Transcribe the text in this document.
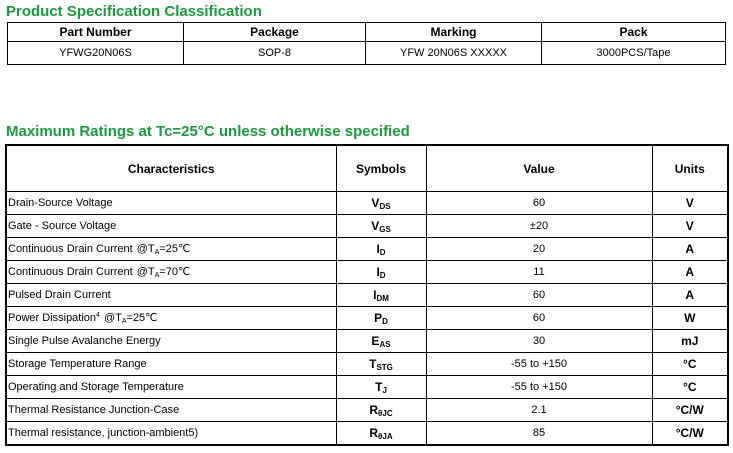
Product Specification Classification
Part Number	Package	Marking	Pack
YFWG20N06S	SOP-8	YFW 20N06S XXXXX	3000PCS/Tape
Maximum Ratings at Tc=25°C unless otherwise specified
Characteristics	Symbols	Value	Units
Drain-Source Voltage	$V_{DS}$	60	V
Gate - Source Voltage	$V_{GS}$	±20	V
Continuous Drain Current @TA=25℃	$I_D$	20	A
Continuous Drain Current @TA=70℃	$I_D$	11	A
Pulsed Drain Current	$I_{DM}$	60	A
Power Dissipation$^4$ @TA=25℃	$P_D$	60	W
Single Pulse Avalanche Energy	$E_{AS}$	30	mJ
Storage Temperature Range	$T_{STG}$	-55 to +150	°C
Operating and Storage Temperature	$T_J$	-55 to +150	°C
Thermal Resistance Junction-Case	$R_{\theta JC}$	2.1	°C/W
Thermal resistance, junction-ambient5)	$R_{\theta JA}$	85	°C/W
